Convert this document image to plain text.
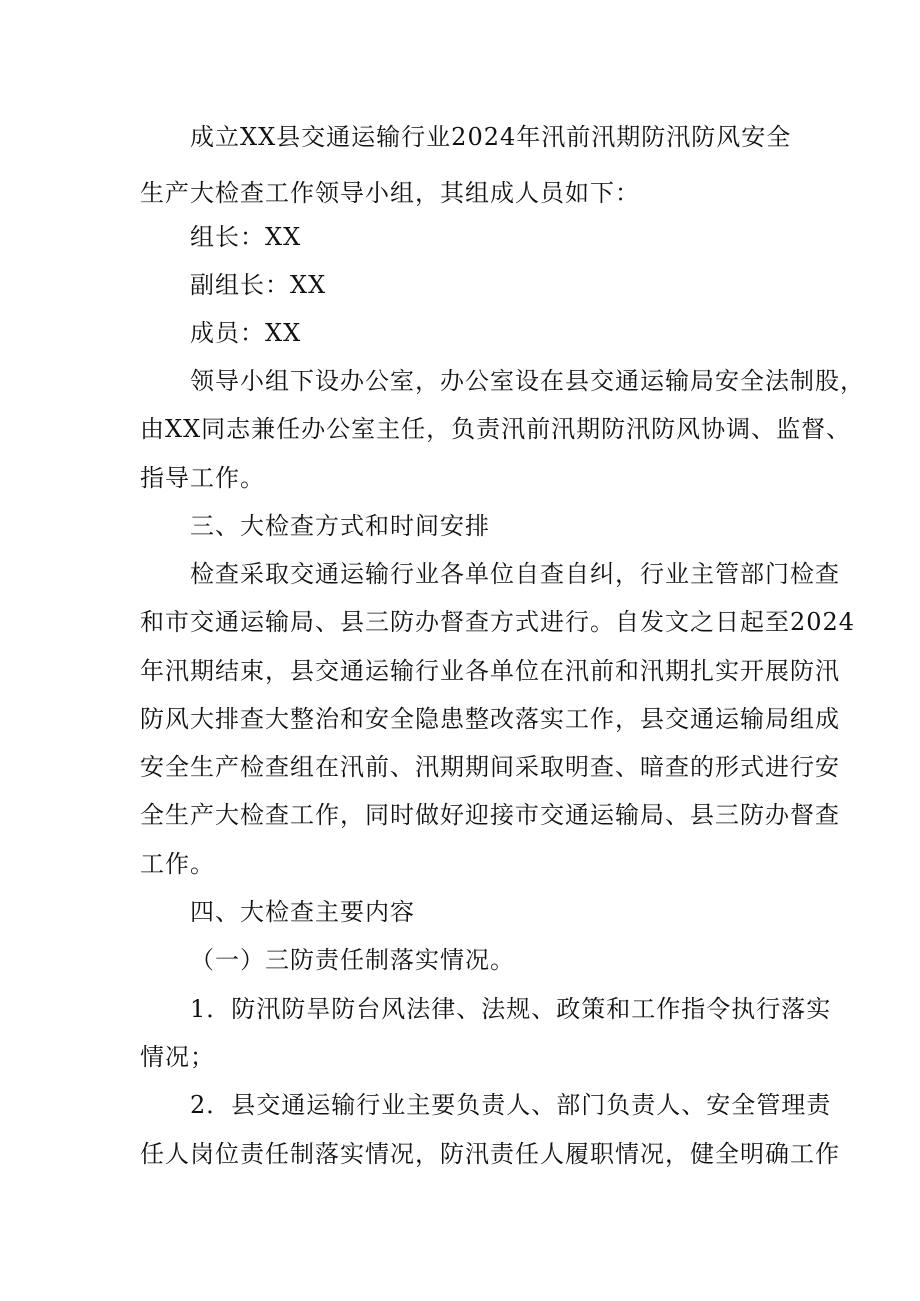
成立XX县交通运输行业2024年汛前汛期防汛防风安全
生产大检查工作领导小组，其组成人员如下：
组长：XX
副组长：XX
成员：XX
领导小组下设办公室，办公室设在县交通运输局安全法制股，
由XX同志兼任办公室主任，负责汛前汛期防汛防风协调、监督、
指导工作。
三、大检查方式和时间安排
检查采取交通运输行业各单位自查自纠，行业主管部门检查
和市交通运输局、县三防办督查方式进行。自发文之日起至2024
年汛期结束，县交通运输行业各单位在汛前和汛期扎实开展防汛
防风大排查大整治和安全隐患整改落实工作，县交通运输局组成
安全生产检查组在汛前、汛期期间采取明查、暗查的形式进行安
全生产大检查工作，同时做好迎接市交通运输局、县三防办督查
工作。
四、大检查主要内容
（一）三防责任制落实情况。
1．防汛防旱防台风法律、法规、政策和工作指令执行落实
情况；
2．县交通运输行业主要负责人、部门负责人、安全管理责
任人岗位责任制落实情况，防汛责任人履职情况，健全明确工作
